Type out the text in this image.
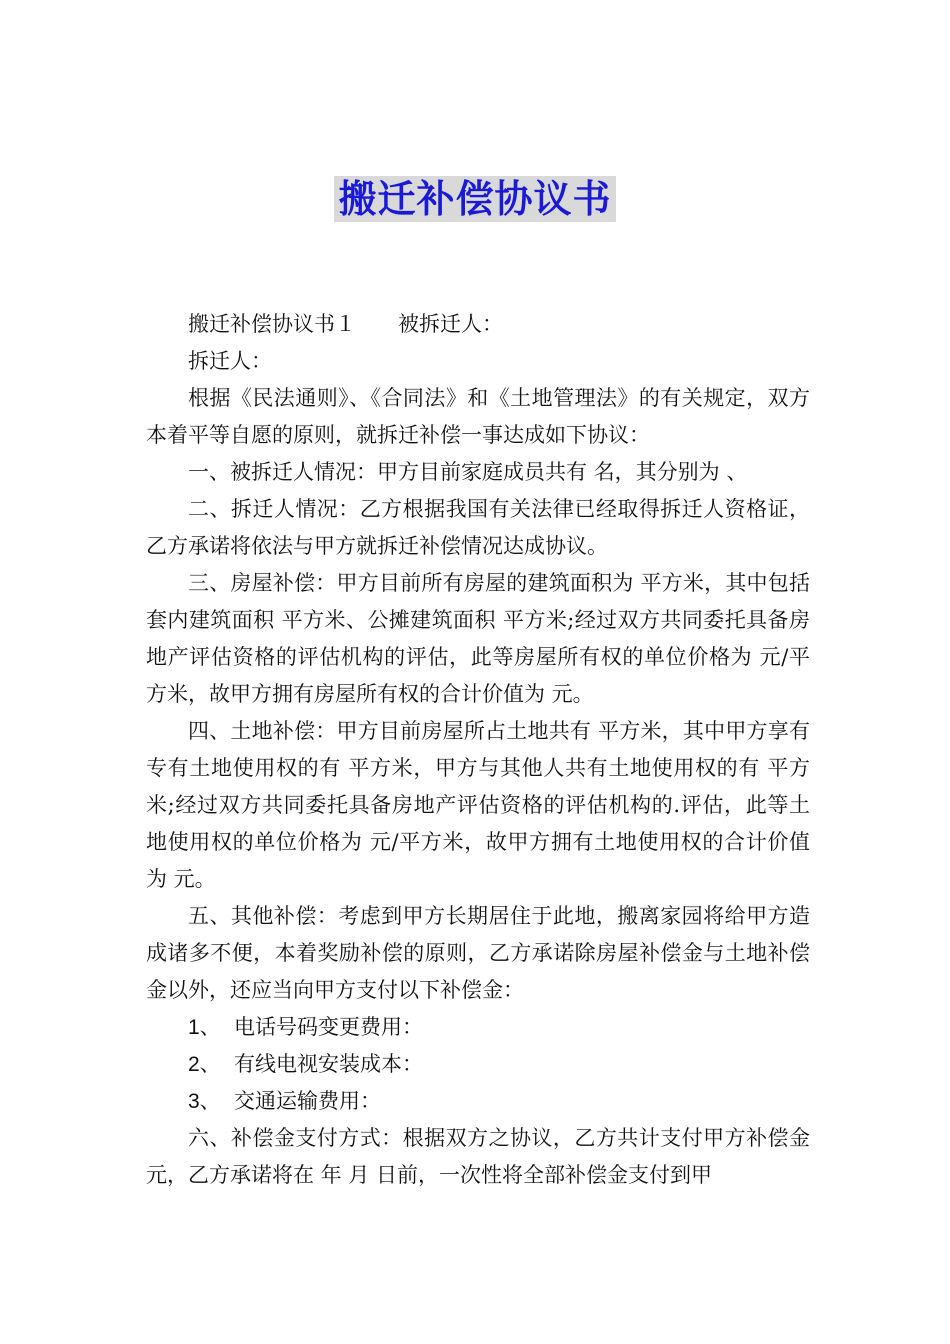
搬迁补偿协议书

搬迁补偿协议书１ 被拆迁人：

拆迁人：

根据《民法通则》、《合同法》和《土地管理法》的有关规定，双方本着平等自愿的原则，就拆迁补偿一事达成如下协议：

一、被拆迁人情况：甲方目前家庭成员共有 名，其分别为 、

二、拆迁人情况：乙方根据我国有关法律已经取得拆迁人资格证，乙方承诺将依法与甲方就拆迁补偿情况达成协议。

三、房屋补偿：甲方目前所有房屋的建筑面积为 平方米，其中包括套内建筑面积 平方米、公摊建筑面积 平方米;经过双方共同委托具备房地产评估资格的评估机构的评估，此等房屋所有权的单位价格为 元/平方米，故甲方拥有房屋所有权的合计价值为 元。

四、土地补偿：甲方目前房屋所占土地共有 平方米，其中甲方享有专有土地使用权的有 平方米，甲方与其他人共有土地使用权的有 平方米;经过双方共同委托具备房地产评估资格的评估机构的.评估，此等土地使用权的单位价格为 元/平方米，故甲方拥有土地使用权的合计价值为 元。

五、其他补偿：考虑到甲方长期居住于此地，搬离家园将给甲方造成诸多不便，本着奖励补偿的原则，乙方承诺除房屋补偿金与土地补偿金以外，还应当向甲方支付以下补偿金：

1、 电话号码变更费用：

2、 有线电视安装成本：

3、 交通运输费用：

六、补偿金支付方式：根据双方之协议，乙方共计支付甲方补偿金 元，乙方承诺将在 年 月 日前，一次性将全部补偿金支付到甲
